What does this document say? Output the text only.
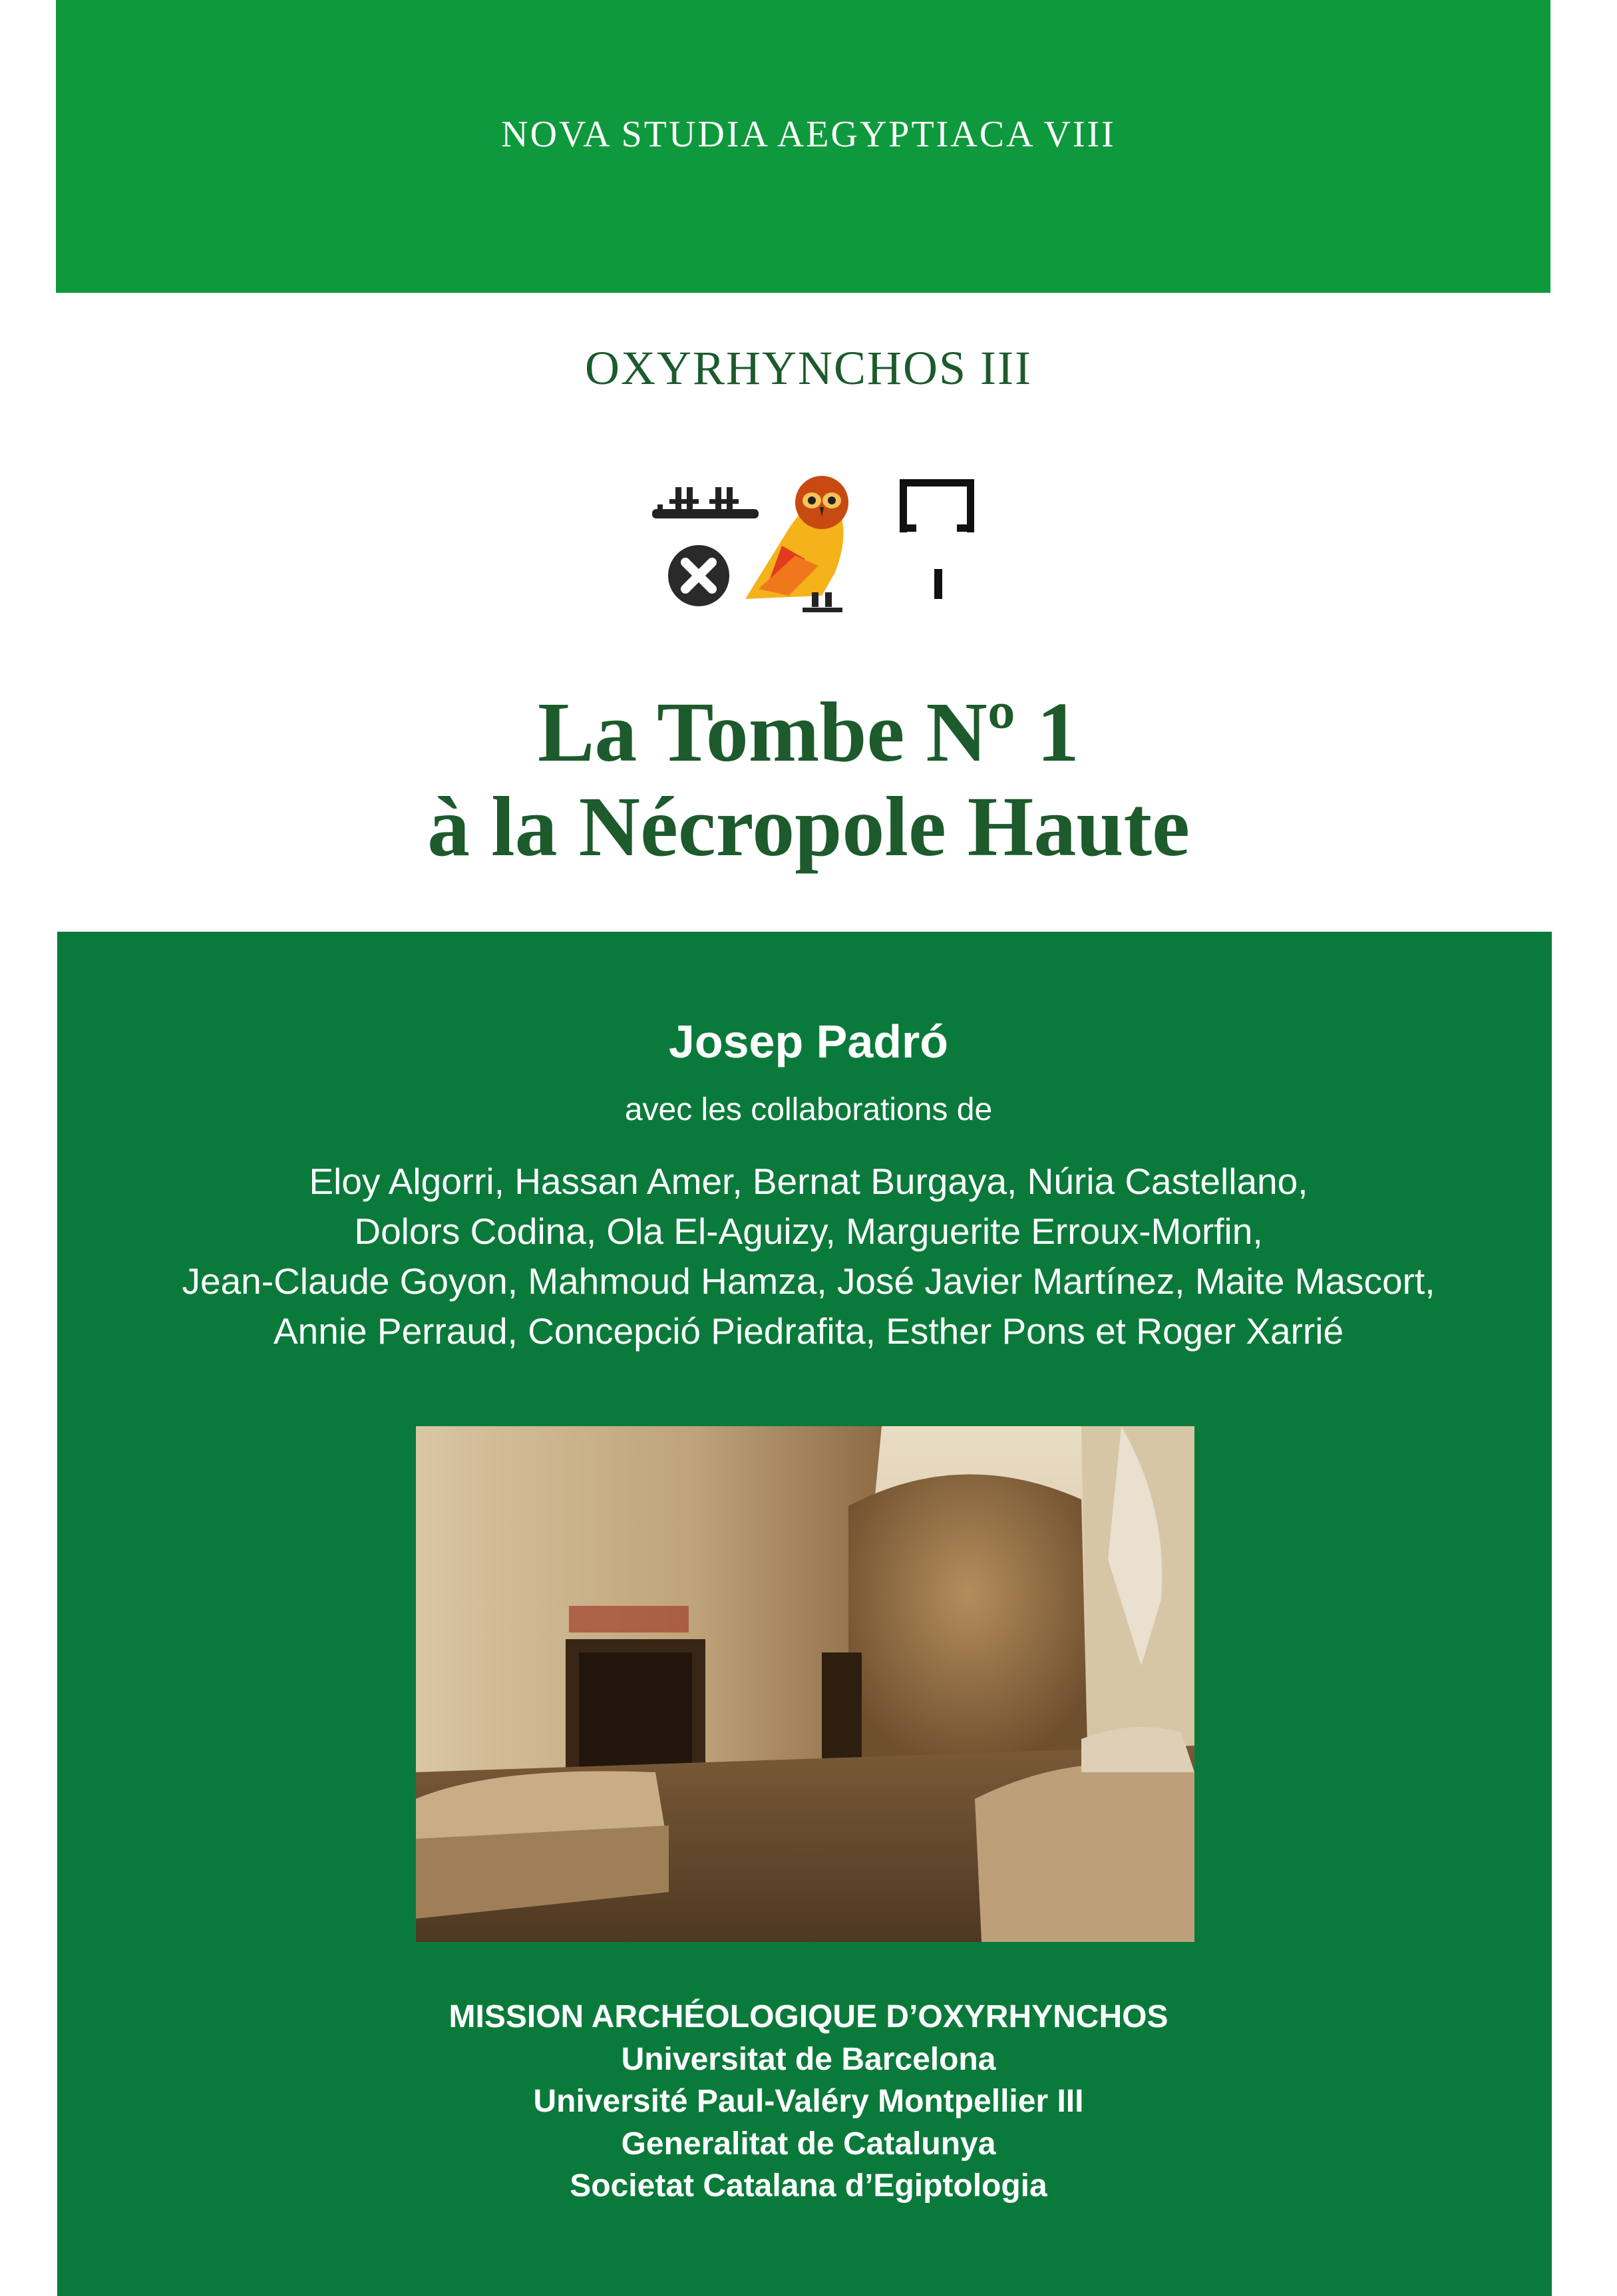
NOVA STUDIA AEGYPTIACA VIII
OXYRHYNCHOS III
La Tombe Nº 1
à la Nécropole Haute
Josep Padró
avec les collaborations de
Eloy Algorri, Hassan Amer, Bernat Burgaya, Núria Castellano,
Dolors Codina, Ola El-Aguizy, Marguerite Erroux-Morfin,
Jean-Claude Goyon, Mahmoud Hamza, José Javier Martínez, Maite Mascort,
Annie Perraud, Concepció Piedrafita, Esther Pons et Roger Xarrié
MISSION ARCHÉOLOGIQUE D’OXYRHYNCHOS
Universitat de Barcelona
Université Paul-Valéry Montpellier III
Generalitat de Catalunya
Societat Catalana d’Egiptologia
